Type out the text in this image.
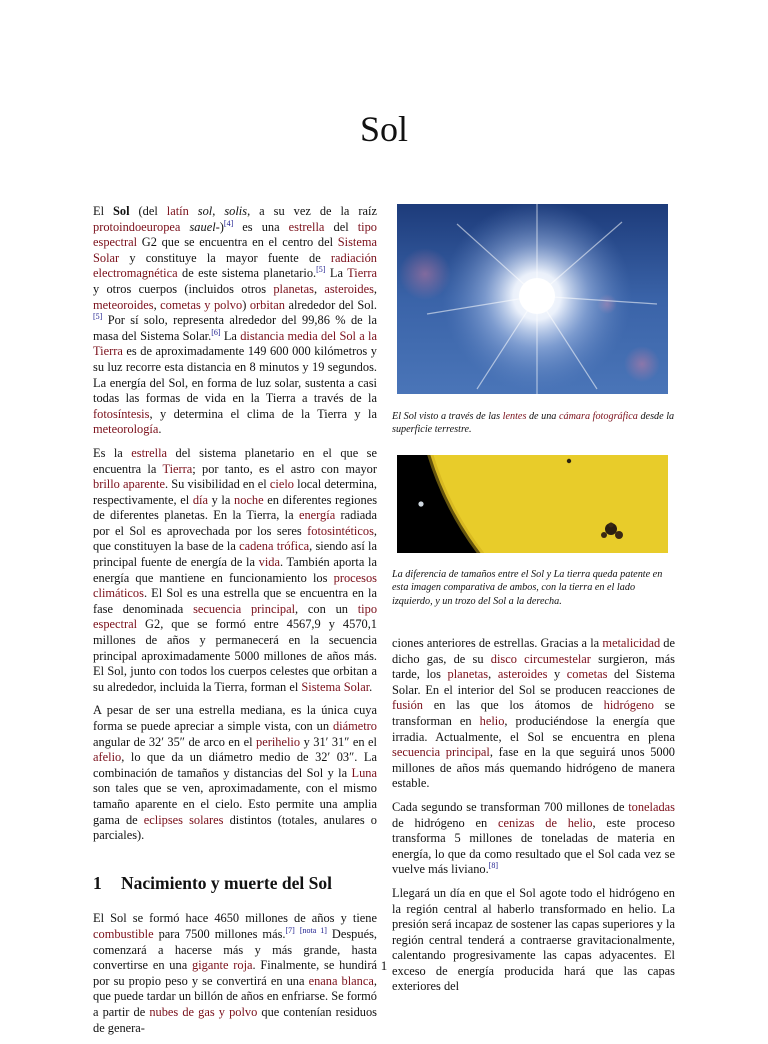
Sol

El Sol (del latín sol, solis, a su vez de la raíz protoindoeuropea sauel-)[4] es una estrella del tipo espectral G2 que se encuentra en el centro del Sistema Solar y constituye la mayor fuente de radiación electromagnética de este sistema planetario.[5] La Tierra y otros cuerpos (incluidos otros planetas, asteroides, meteoroides, cometas y polvo) orbitan alrededor del Sol.[5] Por sí solo, representa alrededor del 99,86 % de la masa del Sistema Solar.[6] La distancia media del Sol a la Tierra es de aproximadamente 149 600 000 kilómetros y su luz recorre esta distancia en 8 minutos y 19 segundos. La energía del Sol, en forma de luz solar, sustenta a casi todas las formas de vida en la Tierra a través de la fotosíntesis, y determina el clima de la Tierra y la meteorología.

Es la estrella del sistema planetario en el que se encuentra la Tierra; por tanto, es el astro con mayor brillo aparente. Su visibilidad en el cielo local determina, respectivamente, el día y la noche en diferentes regiones de diferentes planetas. En la Tierra, la energía radiada por el Sol es aprovechada por los seres fotosintéticos, que constituyen la base de la cadena trófica, siendo así la principal fuente de energía de la vida. También aporta la energía que mantiene en funcionamiento los procesos climáticos. El Sol es una estrella que se encuentra en la fase denominada secuencia principal, con un tipo espectral G2, que se formó entre 4567,9 y 4570,1 millones de años y permanecerá en la secuencia principal aproximadamente 5000 millones de años más. El Sol, junto con todos los cuerpos celestes que orbitan a su alrededor, incluida la Tierra, forman el Sistema Solar.

A pesar de ser una estrella mediana, es la única cuya forma se puede apreciar a simple vista, con un diámetro angular de 32′ 35″ de arco en el perihelio y 31′ 31″ en el afelio, lo que da un diámetro medio de 32′ 03″. La combinación de tamaños y distancias del Sol y la Luna son tales que se ven, aproximadamente, con el mismo tamaño aparente en el cielo. Esto permite una amplia gama de eclipses solares distintos (totales, anulares o parciales).

1 Nacimiento y muerte del Sol

El Sol se formó hace 4650 millones de años y tiene combustible para 7500 millones más.[7] [nota 1] Después, comenzará a hacerse más y más grande, hasta convertirse en una gigante roja. Finalmente, se hundirá por su propio peso y se convertirá en una enana blanca, que puede tardar un billón de años en enfriarse. Se formó a partir de nubes de gas y polvo que contenían residuos de genera-

ciones anteriores de estrellas. Gracias a la metalicidad de dicho gas, de su disco circumestelar surgieron, más tarde, los planetas, asteroides y cometas del Sistema Solar. En el interior del Sol se producen reacciones de fusión en las que los átomos de hidrógeno se transforman en helio, produciéndose la energía que irradia. Actualmente, el Sol se encuentra en plena secuencia principal, fase en la que seguirá unos 5000 millones de años más quemando hidrógeno de manera estable.

Cada segundo se transforman 700 millones de toneladas de hidrógeno en cenizas de helio, este proceso transforma 5 millones de toneladas de materia en energía, lo que da como resultado que el Sol cada vez se vuelve más liviano.[8]

Llegará un día en que el Sol agote todo el hidrógeno en la región central al haberlo transformado en helio. La presión será incapaz de sostener las capas superiores y la región central tenderá a contraerse gravitacionalmente, calentando progresivamente las capas adyacentes. El exceso de energía producida hará que las capas exteriores del

El Sol visto a través de las lentes de una cámara fotográfica desde la superficie terrestre.
La diferencia de tamaños entre el Sol y La tierra queda patente en esta imagen comparativa de ambos, con la tierra en el lado izquierdo, y un trozo del Sol a la derecha.
1
